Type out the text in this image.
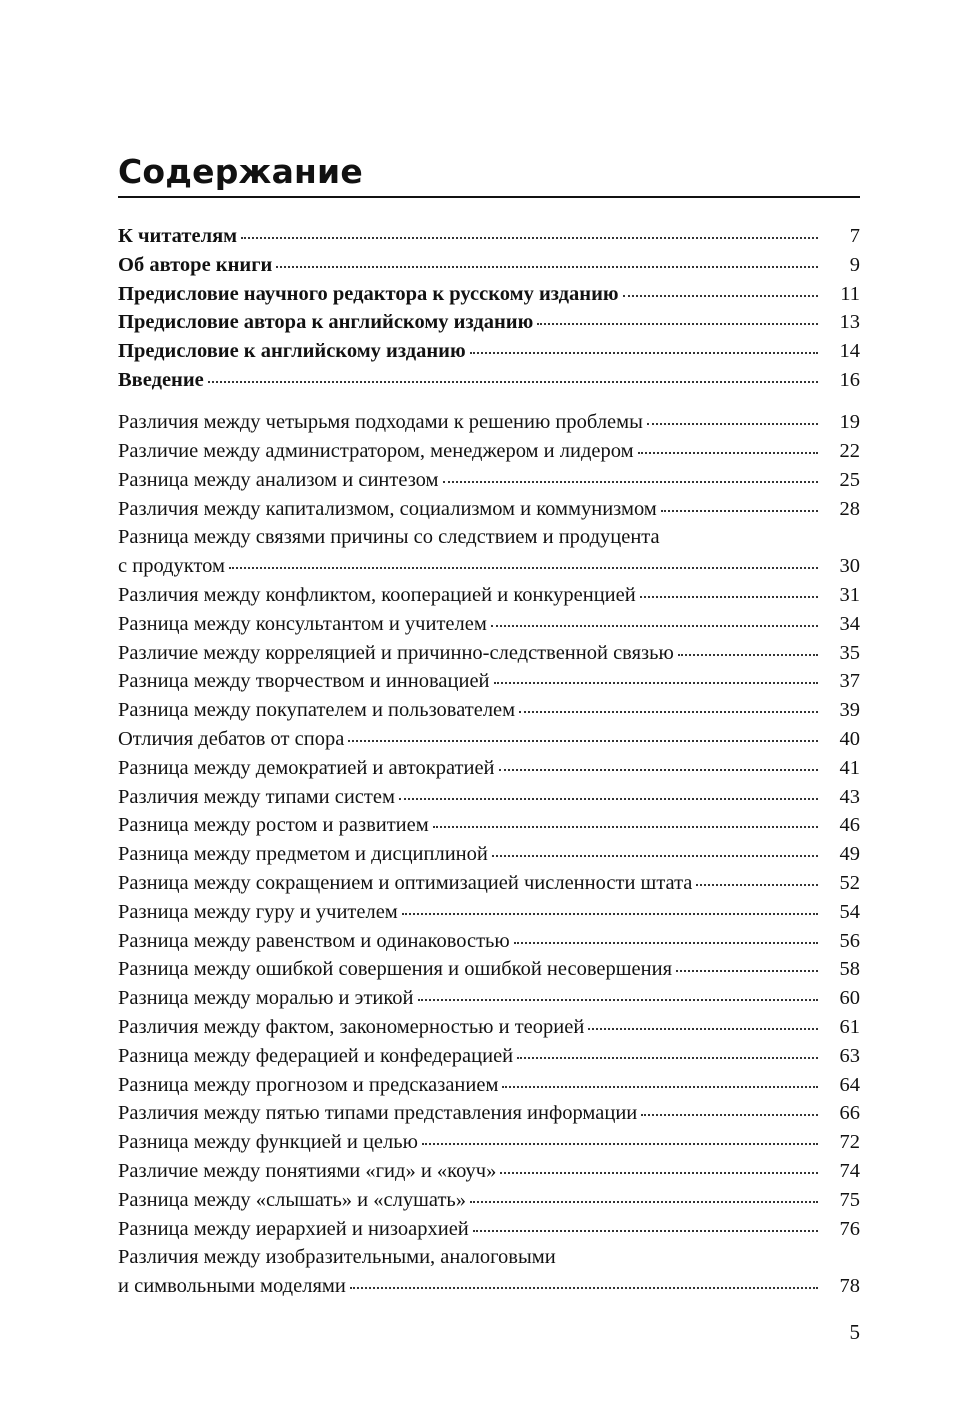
Содержание
К читателям	7
Об авторе книги	9
Предисловие научного редактора к русскому изданию	11
Предисловие автора к английскому изданию	13
Предисловие к английскому изданию	14
Введение	16
Различия между четырьмя подходами к решению проблемы	19
Различие между администратором, менеджером и лидером	22
Разница между анализом и синтезом	25
Различия между капитализмом, социализмом и коммунизмом	28
Разница между связями причины со следствием и продуцента
с продуктом	30
Различия между конфликтом, кооперацией и конкуренцией	31
Разница между консультантом и учителем	34
Различие между корреляцией и причинно-следственной связью	35
Разница между творчеством и инновацией	37
Разница между покупателем и пользователем	39
Отличия дебатов от спора	40
Разница между демократией и автократией	41
Различия между типами систем	43
Разница между ростом и развитием	46
Разница между предметом и дисциплиной	49
Разница между сокращением и оптимизацией численности штата	52
Разница между гуру и учителем	54
Разница между равенством и одинаковостью	56
Разница между ошибкой совершения и ошибкой несовершения	58
Разница между моралью и этикой	60
Различия между фактом, закономерностью и теорией	61
Разница между федерацией и конфедерацией	63
Разница между прогнозом и предсказанием	64
Различия между пятью типами представления информации	66
Разница между функцией и целью	72
Различие между понятиями «гид» и «коуч»	74
Разница между «слышать» и «слушать»	75
Разница между иерархией и низоархией	76
Различия между изобразительными, аналоговыми
и символьными моделями	78
5
